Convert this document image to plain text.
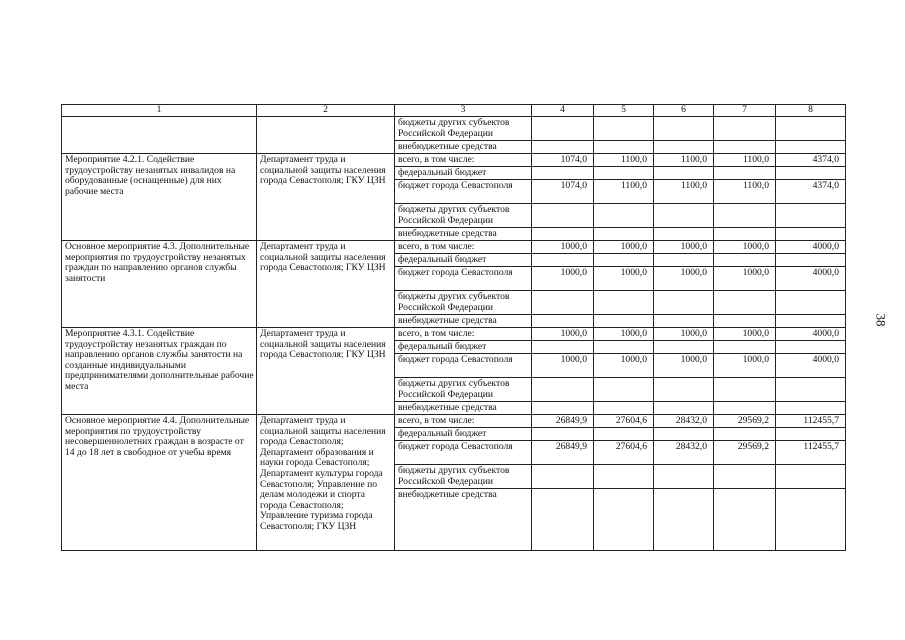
38
1	2	3	4	5	6	7	8
		бюджеты других субъектов Российской Федерации					
		внебюджетные средства					
Мероприятие 4.2.1. Содействие трудоустройству незанятых инвалидов на оборудованные (оснащенные) для них рабочие места	Департамент труда и социальной защиты населения города Севастополя; ГКУ ЦЗН	всего, в том числе:	1074,0	1100,0	1100,0	1100,0	4374,0
		федеральный бюджет					
		бюджет города Севастополя	1074,0	1100,0	1100,0	1100,0	4374,0
		бюджеты других субъектов Российской Федерации					
		внебюджетные средства					
Основное мероприятие 4.3. Дополнительные мероприятия по трудоустройству незанятых граждан по направлению органов службы занятости	Департамент труда и социальной защиты населения города Севастополя; ГКУ ЦЗН	всего, в том числе:	1000,0	1000,0	1000,0	1000,0	4000,0
		федеральный бюджет					
		бюджет города Севастополя	1000,0	1000,0	1000,0	1000,0	4000,0
		бюджеты других субъектов Российской Федерации					
		внебюджетные средства					
Мероприятие 4.3.1. Содействие трудоустройству незанятых граждан по направлению органов службы занятости на созданные индивидуальными предпринимателями дополнительные рабочие места	Департамент труда и социальной защиты населения города Севастополя; ГКУ ЦЗН	всего, в том числе:	1000,0	1000,0	1000,0	1000,0	4000,0
		федеральный бюджет					
		бюджет города Севастополя	1000,0	1000,0	1000,0	1000,0	4000,0
		бюджеты других субъектов Российской Федерации					
		внебюджетные средства					
Основное мероприятие 4.4. Дополнительные мероприятия по трудоустройству несовершеннолетних граждан в возрасте от 14 до 18 лет в свободное от учебы время	Департамент труда и социальной защиты населения города Севастополя; Департамент образования и науки города Севастополя; Департамент культуры города Севастополя; Управление по делам молодежи и спорта города Севастополя; Управление туризма города Севастополя; ГКУ ЦЗН	всего, в том числе:	26849,9	27604,6	28432,0	29569,2	112455,7
		федеральный бюджет					
		бюджет города Севастополя	26849,9	27604,6	28432,0	29569,2	112455,7
		бюджеты других субъектов Российской Федерации					
		внебюджетные средства					
